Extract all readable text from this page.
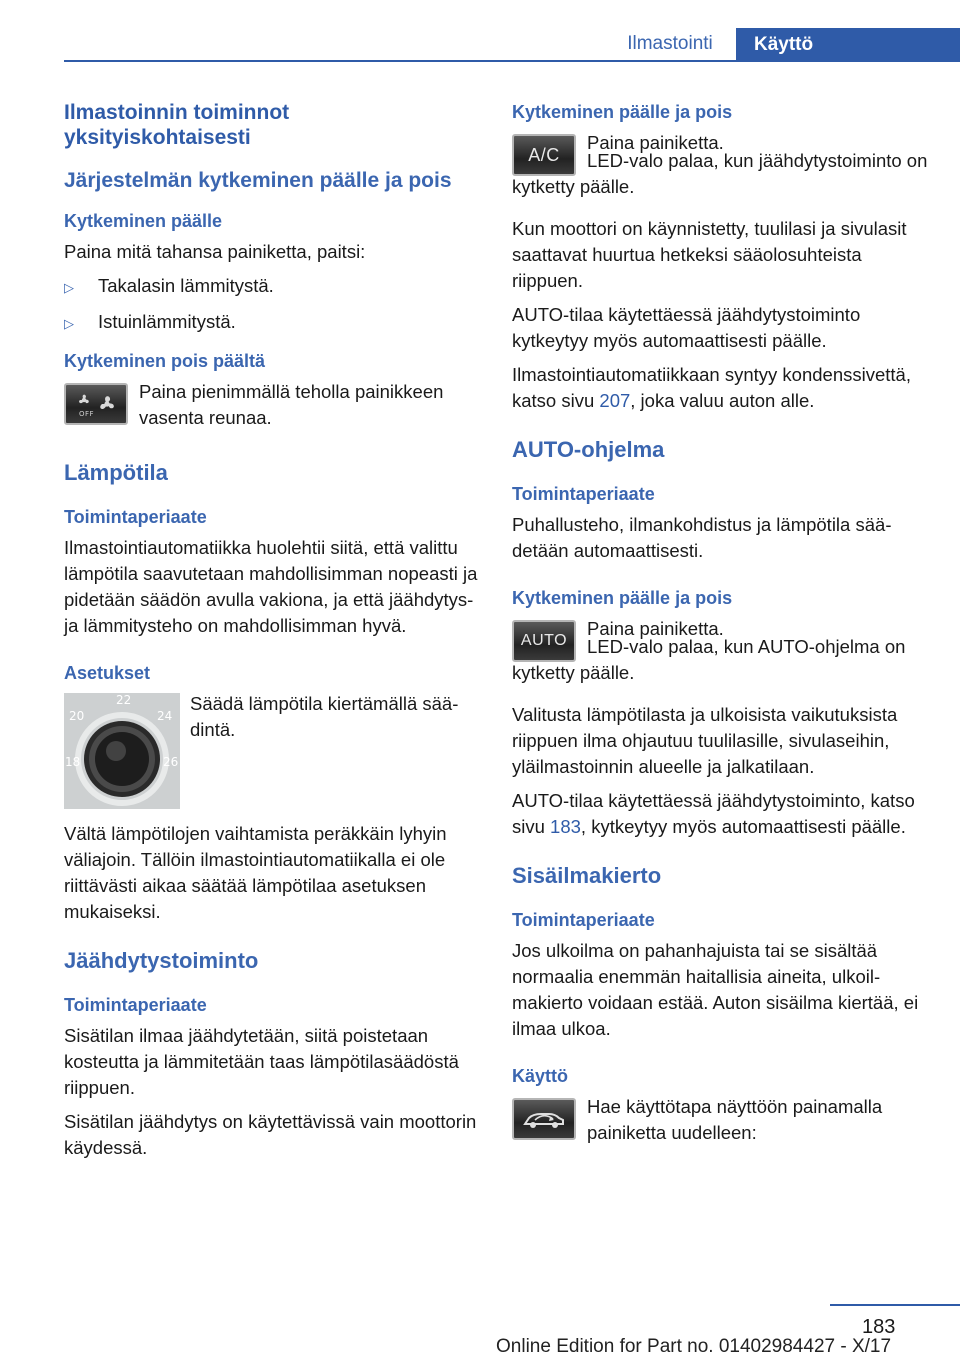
Ilmastointi	Käyttö
Ilmastoinnin toiminnot yksityiskohtaisesti
Järjestelmän kytkeminen päälle ja pois
Kytkeminen päälle

Paina mitä tahansa painiketta, paitsi:

▷	Takalasin lämmitystä.
▷	Istuinlämmitystä.
Kytkeminen pois päältä
OFF

Paina pienimmällä teholla painikkeen vasenta reunaa.

Lämpötila
Toimintaperiaate

Ilmastointiautomatiikka huolehtii siitä, että valittu lämpötila saavutetaan mahdollisimman nopeasti ja pidetään säädön avulla vakiona, ja että jäähdytys- ja lämmitysteho on mahdollisimman hyvä.

Asetukset
22
20	24
18	26

Säädä lämpötila kiertämällä säädintä.

Vältä lämpötilojen vaihtamista peräkkäin lyhyin väliajoin. Tällöin ilmastointiautomatiikalla ei ole riittävästi aikaa säätää lämpötilaa asetuksen mukaiseksi.

Jäähdytystoiminto
Toimintaperiaate

Sisätilan ilmaa jäähdytetään, siitä poistetaan kosteutta ja lämmitetään taas lämpötilasäädöstä riippuen.

Sisätilan jäähdytys on käytettävissä vain moottorin käydessä.

Kytkeminen päälle ja pois
A/C

Paina painiketta.

LED-valo palaa, kun jäähdytystoiminto on kytketty päälle.

Kun moottori on käynnistetty, tuulilasi ja sivulasit saattavat huurtua hetkeksi sääolosuhteista riippuen.

AUTO-tilaa käytettäessä jäähdytystoiminto kytkeytyy myös automaattisesti päälle.

Ilmastointiautomatiikkaan syntyy kondenssivettä, katso sivu 207, joka valuu auton alle.

AUTO-ohjelma
Toimintaperiaate

Puhallusteho, ilmankohdistus ja lämpötila säädetään automaattisesti.

Kytkeminen päälle ja pois
AUTO

Paina painiketta.

LED-valo palaa, kun AUTO-ohjelma on kytketty päälle.

Valitusta lämpötilasta ja ulkoisista vaikutuksista riippuen ilma ohjautuu tuulilasille, sivulaseihin, yläilmastoinnin alueelle ja jalkatilaan.

AUTO-tilaa käytettäessä jäähdytystoiminto, katso sivu 183, kytkeytyy myös automaattisesti päälle.

Sisäilmakierto
Toimintaperiaate

Jos ulkoilma on pahanhajuista tai se sisältää normaalia enemmän haitallisia aineita, ulkoilmakierto voidaan estää. Auton sisäilma kiertää, ei ilmaa ulkoa.

Käyttö

Hae käyttötapa näyttöön painamalla painiketta uudelleen:

183
Online Edition for Part no. 01402984427 - X/17
